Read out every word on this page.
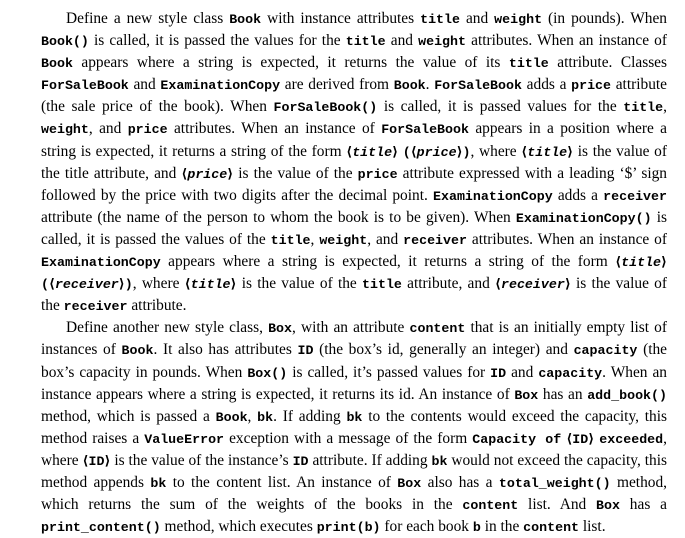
Define a new style class Book with instance attributes title and weight (in pounds). When Book() is called, it is passed the values for the title and weight attributes. When an instance of Book appears where a string is expected, it returns the value of its title attribute. Classes ForSaleBook and ExaminationCopy are derived from Book. ForSaleBook adds a price attribute (the sale price of the book). When ForSaleBook() is called, it is passed values for the title, weight, and price attributes. When an instance of ForSaleBook appears in a position where a string is expected, it returns a string of the form ⟨title⟩ (⟨price⟩), where ⟨title⟩ is the value of the title attribute, and ⟨price⟩ is the value of the price attribute expressed with a leading ‘$’ sign followed by the price with two digits after the decimal point. ExaminationCopy adds a receiver attribute (the name of the person to whom the book is to be given). When ExaminationCopy() is called, it is passed the values of the title, weight, and receiver attributes. When an instance of ExaminationCopy appears where a string is expected, it returns a string of the form ⟨title⟩ (⟨receiver⟩), where ⟨title⟩ is the value of the title attribute, and ⟨receiver⟩ is the value of the receiver attribute.

Define another new style class, Box, with an attribute content that is an initially empty list of instances of Book. It also has attributes ID (the box’s id, generally an integer) and capacity (the box’s capacity in pounds. When Box() is called, it’s passed values for ID and capacity. When an instance appears where a string is expected, it returns its id. An instance of Box has an add_book() method, which is passed a Book, bk. If adding bk to the contents would exceed the capacity, this method raises a ValueError exception with a message of the form Capacity of ⟨ID⟩ exceeded, where ⟨ID⟩ is the value of the instance’s ID attribute. If adding bk would not exceed the capacity, this method appends bk to the content list. An instance of Box also has a total_weight() method, which returns the sum of the weights of the books in the content list. And Box has a print_content() method, which executes print(b) for each book b in the content list.
